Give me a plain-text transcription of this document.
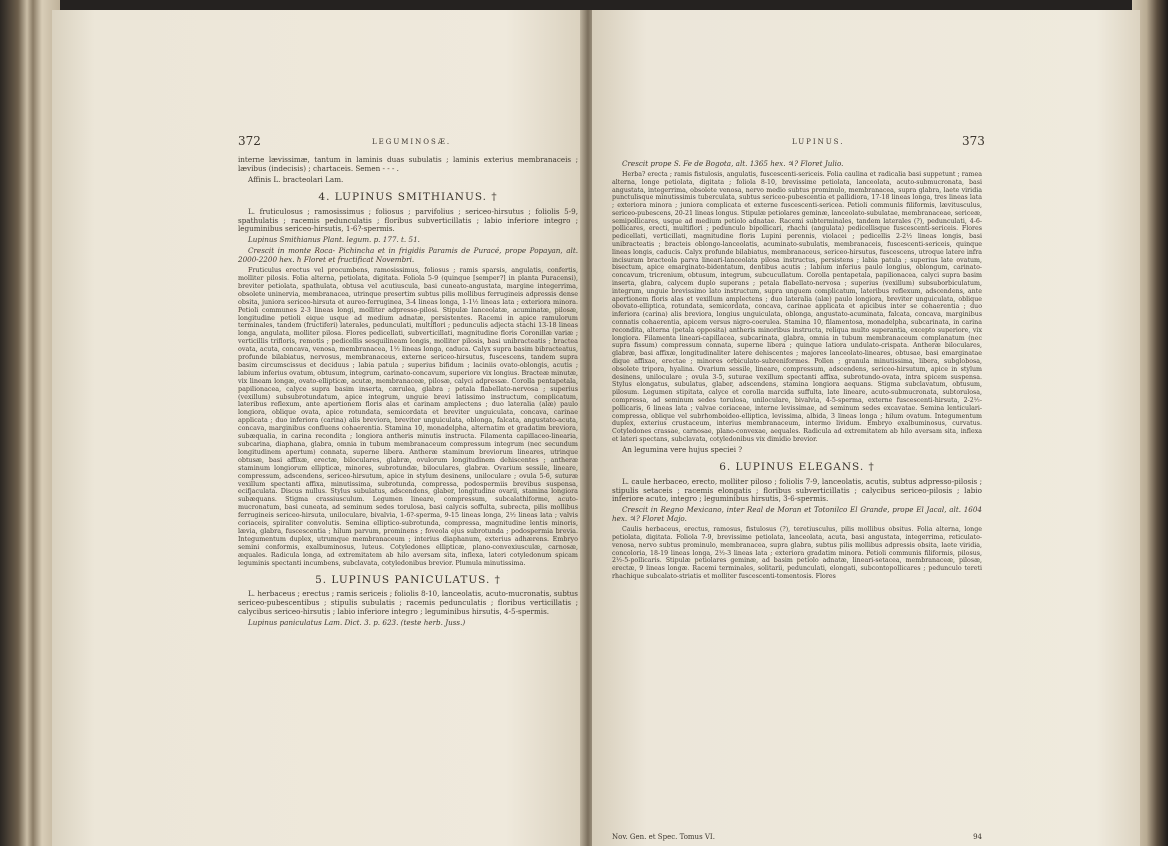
372	LEGUMINOSÆ.

interne lævissimæ, tantum in laminis duas subulatis ; laminis exterius membranaceis ; lævibus (indecisis) ; chartaceis. Semen - - - .

Affinis L. bracteolari Lam.

4. LUPINUS SMITHIANUS. †

L. fruticulosus ; ramosissimus ; foliosus ; parvifolius ; sericeo-hirsutus ; foliolis 5-9, spathulatis ; racemis pedunculatis ; floribus subverticillatis ; labio inferiore integro ; leguminibus sericeo-hirsutis, 1-6?-spermis.

Lupinus Smithianus Plant. legum. p. 177. t. 51.

Crescit in monte Roca- Pichincha et in frigidis Paramis de Puracé, prope Popayan, alt. 2000-2200 hex. ℏ Floret et fructificat Novembri.

Fruticulus erectus vel procumbens, ramosissimus, foliosus ; ramis sparsis, angulatis, confertis, molliter pilosis. Folia alterna, petiolata, digitata. Foliola 5-9 (quinque [semper?] in planta Puracensi), breviter petiolata, spathulata, obtusa vel acutiuscula, basi cuneato-angustata, margine integerrima, obsolete uninervia, membranacea, utrinque presertim subtus pilis mollibus ferrugineis adpressis dense obsita, juniora sericeo-hirsuta et aureo-ferruginea, 3-4 lineas longa, 1-1½ lineas lata ; exteriora minora. Petioli communes 2-3 lineas longi, molliter adpresso-pilosi. Stipulæ lanceolatæ, acuminatæ, pilosæ, longitudine petioli eique usque ad medium adnatæ, persistentes. Racemi in apice ramulorum terminales, tandem (fructiferi) laterales, pedunculati, multiflori ; pedunculis adjecta stachi 13-18 lineas longa, angulata, molliter pilosa. Flores pedicellati, subverticillati, magnitudine floris Coronillæ variæ ; verticillis trifloris, remotis ; pedicellis sesquilineam longis, molliter pilosis, basi unibracteatis ; bractea ovata, acuta, concava, venosa, membranacea, 1½ lineas longa, caduca. Calyx supra basim bibracteatus, profunde bilabiatus, nervosus, membranaceus, externe sericeo-hirsutus, fuscescens, tandem supra basim circumscissus et deciduus ; labia patula ; superius bifidum ; laciniis ovato-oblongis, acutis ; labium inferius ovatum, obtusum, integrum, carinato-concavum, superiore vix longius. Bracteæ minutæ, vix lineam longæ, ovato-ellipticæ, acutæ, membranaceæ, pilosæ, calyci adpressæ. Corolla pentapetala, papilionacea, calyce supra basim inserta, cærulea, glabra ; petala flabellato-nervosa ; superius (vexillum) subsubrotundatum, apice integrum, unguie brevi latissimo instructum, complicatum, lateribus reflexum, ante apertionem floris alas et carinam amplectens ; duo lateralia (alæ) paulo longiora, oblique ovata, apice rotundata, semicordata et breviter unguiculata, concava, carinae applicata ; duo inferiora (carina) alis breviora, breviter unguiculata, oblonga, falcata, angustato-acuta, concava, marginibus confluens cohaerentia. Stamina 10, monadelpha, alternatim et gradatim breviora, subæqualia, in carina recondita ; longiora antheris minutis instructa. Filamenta capillaceo-linearia, subcarina, diaphana, glabra, omnia in tubum membranaceum compressum integrum (nec secundum longitudinem apertum) connata, superne libera. Antheræ staminum breviorum lineares, utrinque obtusæ, basi affixæ, erectæ, biloculares, glabræ, ovulorum longitudinem dehiscentes ; antheræ staminum longiorum ellipticæ, minores, subrotundæ, biloculares, glabræ. Ovarium sessile, lineare, compressum, adscendens, sericeo-hirsutum, apice in stylum desinens, uniloculare ; ovula 5-6, suturæ vexillum spectanti affixa, minutissima, subrotunda, compressa, podospermiis brevibus suspensa, ecifjaculata. Discus nullus. Stylus subulatus, adscendens, glaber, longitudine ovarii, stamina longiora subæquans. Stigma crassiusculum. Legumen lineare, compressum, subcalathiforme, acuto-mucronatum, basi cuneata, ad seminum sedes torulosa, basi calycis soffulta, subrecta, pilis mollibus ferrugineis sericeo-hirsuta, uniloculare, bivalvia, 1-6?-sperma, 9-15 lineas longa, 2½ lineas lata ; valvis coriaceis, spiraliter convolutis. Semina elliptico-subrotunda, compressa, magnitudine lentis minoris, lævia, glabra, fuscescentia ; hilum parvum, prominens ; foveola ejus subrotunda ; podospermia brevia. Integumentum duplex, utrumque membranaceum ; interius diaphanum, exterius adhærens. Embryo semini conformis, exalbuminosus, luteus. Cotyledones ellipticæ, plano-convexiusculæ, carnosæ, æquales. Radicula longa, ad extremitatem ab hilo aversam sita, inflexa, lateri cotyledonum spicam leguminis spectanti incumbens, subclavata, cotyledonibus brevior. Plumula minutissima.

5. LUPINUS PANICULATUS. †

L. herbaceus ; erectus ; ramis sericeis ; foliolis 8-10, lanceolatis, acuto-mucronatis, subtus sericeo-pubescentibus ; stipulis subulatis ; racemis pedunculatis ; floribus verticillatis ; calycibus sericeo-hirsutis ; labio inferiore integro ; leguminibus hirsutis, 4-5-spermis.

Lupinus paniculatus Lam. Dict. 3. p. 623. (teste herb. Juss.)

LUPINUS.	373

Crescit prope S. Fe de Bogota, alt. 1365 hex. ♃? Floret Julio.

Herba? erecta ; ramis fistulosis, angulatis, fuscescenti-sericeis. Folia caulina et radicalia basi suppetunt ; ramea alterna, longe petiolata, digitata ; foliola 8-10, brevissime petiolata, lanceolata, acuto-submucronata, basi angustata, integerrima, obsolete venosa, nervo medio subtus prominulo, membranacea, supra glabra, laete viridia punctulisque minutissimis tuberculata, subtus sericeo-pubescentia et pallidiora, 17-18 lineas longa, tres lineas lata ; exteriora minora ; juniora complicata et externe fuscescenti-sericea. Petioli communis filiformis, lævitusculus, sericeo-pubescens, 20-21 lineas longus. Stipulæ petiolares geminæ, lanceolato-subulatae, membranaceae, sericeæ, semipollicares, usque ad medium petiolo adnatae. Racemi subterminales, tandem laterales (?), pedunculati, 4-6-pollicares, erecti, multiflori ; pedunculo bipollicari, rhachi (angulata) pedicellisque fuscescenti-sericeis. Flores pedicellati, verticillati, magnitudine floris Lupini perennis, violacei ; pedicellis 2-2½ lineas longis, basi unibracteatis ; bracteis oblongo-lanceolatis, acuminato-subulatis, membranaceis, fuscescenti-sericeis, quinque lineas longis, caducis. Calyx profunde bilabiatus, membranaceus, sericeo-hirsutus, fuscescens, utroque latere infra incisuram bracteola parva lineari-lanceolata pilosa instructus, persistens ; labia patula ; superius late ovatum, bisectum, apice emarginato-bidentatum, dentibus acutis ; labium inferius paulo longius, oblongum, carinato-concavum, tricrenium, obtusum, integrum, subcucullatum. Corolla pentapetala, papilionacea, calyci supra basim inserta, glabra, calycem duplo superans ; petala flabellato-nervosa ; superius (vexillum) subsuborbiculatum, integrum, unguie brevissimo lato instructum, supra unguem complicatum, lateribus reflexum, adscendens, ante apertionem floris alas et vexillum amplectens ; duo lateralia (alæ) paulo longiora, breviter unguiculata, oblique obovato-elliptica, rotundata, semicordata, concava, carinae applicata et apicibus inter se cohaerentia ; duo inferiora (carina) alis breviora, longius unguiculata, oblonga, angustato-acuminata, falcata, concava, marginibus connatis cohaerentia, apicem versus nigro-coerulea. Stamina 10, filamentosa, monadelpha, subcarinata, in carina recondita, alterna (petala opposita) antheris minoribus instructa, reliqua multo superantia, excepto superiore, vix longiora. Filamenta lineari-capillacea, subcarinata, glabra, omnia in tubum membranaceum complanatum (nec supra fissum) compressum connata, superne libera ; quinque latiora undulato-crispata. Antheræ biloculares, glabræ, basi affixæ, longitudinaliter latere dehiscentes ; majores lanceolato-lineares, obtusae, basi emarginatae dique affixae, erectae ; minores orbiculato-subreniformes. Pollen ; granula minutissima, libera, subglobosa, obsolete tripora, hyalina. Ovarium sessile, lineare, compressum, adscendens, sericeo-hirsutum, apice in stylum desinens, uniloculare ; ovula 3-5, suturae vexillum spectanti affixa, subrotundo-ovata, intra spicem suspensa. Stylus elongatus, subulatus, glaber, adscendens, stamina longiora aequans. Stigma subclavatum, obtusum, pilosum. Legumen stipitata, calyce et corolla marcida suffulta, late lineare, acuto-submucronata, subtorulosa, compressa, ad seminum sedes torulosa, uniloculare, bivalvia, 4-5-sperma, externe fuscescenti-hirsuta, 2-2½-pollicaris, 6 lineas lata ; valvae coriaceae, interne levissimae, ad seminum sedes excavatae. Semina lenticulari-compressa, oblique vel subrhomboideo-elliptica, levissima, albida, 3 lineas longa ; hilum ovatum. Integumentum duplex, exterius crustaceum, interius membranaceum, intermo lividum. Embryo exalbuminosus, curvatus. Cotyledones crassae, carnosae, plano-convexae, aequales. Radicula ad extremitatem ab hilo aversam sita, inflexa et lateri spectans, subclavata, cotyledonibus vix dimidio brevior.

An legumina vere hujus speciei ?

6. LUPINUS ELEGANS. †

L. caule herbaceo, erecto, molliter piloso ; foliolis 7-9, lanceolatis, acutis, subtus adpresso-pilosis ; stipulis setaceis ; racemis elongatis ; floribus subverticillatis ; calycibus sericeo-pilosis ; labio inferiore acuto, integro ; leguminibus hirsutis, 3-6-spermis.

Crescit in Regno Mexicano, inter Real de Moran et Totonilco El Grande, prope El Jacal, alt. 1604 hex. ♃? Floret Majo.

Caulis herbaceus, erectus, ramosus, fistulosus (?), teretiusculus, pilis mollibus obsitus. Folia alterna, longe petiolata, digitata. Foliola 7-9, brevissime petiolata, lanceolata, acuta, basi angustata, integerrima, reticulato-venosa, nervo subtus prominulo, membranacea, supra glabra, subtus pilis mollibus adpressis obsita, laete viridia, concoloria, 18-19 lineas longa, 2½-3 lineas lata ; exteriora gradatim minora. Petioli communis filiformis, pilosus, 2½-5-pollicaris. Stipulæ petiolares geminæ, ad basim petiolo adnatæ, lineari-setacea, membranaceæ, pilosæ, erectæ, 9 lineas longæ. Racemi terminales, solitarii, pedunculati, elongati, subcontopollicares ; pedunculo tereti rhachique subcalato-striatis et molliter fuscescenti-tomentosis. Flores

Nov. Gen. et Spec. Tomus VI.	94
